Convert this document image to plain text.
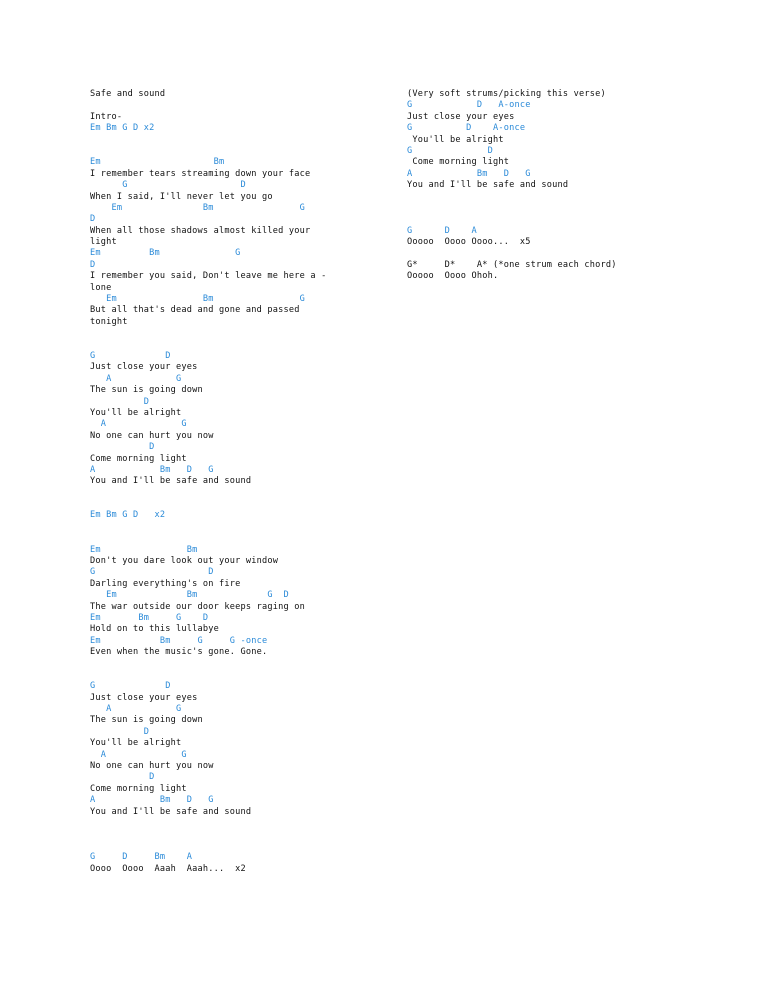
Safe and sound
Intro-
Em Bm G D x2
Em                     Bm
I remember tears streaming down your face
G                     D
When I said, I'll never let you go
Em               Bm                G
D
When all those shadows almost killed your
light
Em         Bm              G
D
I remember you said, Don't leave me here a -
lone
Em                Bm                G
But all that's dead and gone and passed
tonight
G             D
Just close your eyes
A            G
The sun is going down
D
You'll be alright
A              G
No one can hurt you now
D
Come morning light
A            Bm   D   G
You and I'll be safe and sound
Em Bm G D   x2
Em                Bm
Don't you dare look out your window
G                     D
Darling everything's on fire
Em             Bm             G  D
The war outside our door keeps raging on
Em       Bm     G    D
Hold on to this lullabye
Em           Bm     G     G -once
Even when the music's gone. Gone.
G             D
Just close your eyes
A            G
The sun is going down
D
You'll be alright
A              G
No one can hurt you now
D
Come morning light
A            Bm   D   G
You and I'll be safe and sound
G     D     Bm    A
Oooo  Oooo  Aaah  Aaah...  x2
(Very soft strums/picking this verse)
G            D   A-once
Just close your eyes
G          D    A-once
You'll be alright
G              D
Come morning light
A            Bm   D   G
You and I'll be safe and sound
G      D    A
Ooooo  Oooo Oooo...  x5
G*     D*    A* (*one strum each chord)
Ooooo  Oooo Ohoh.
